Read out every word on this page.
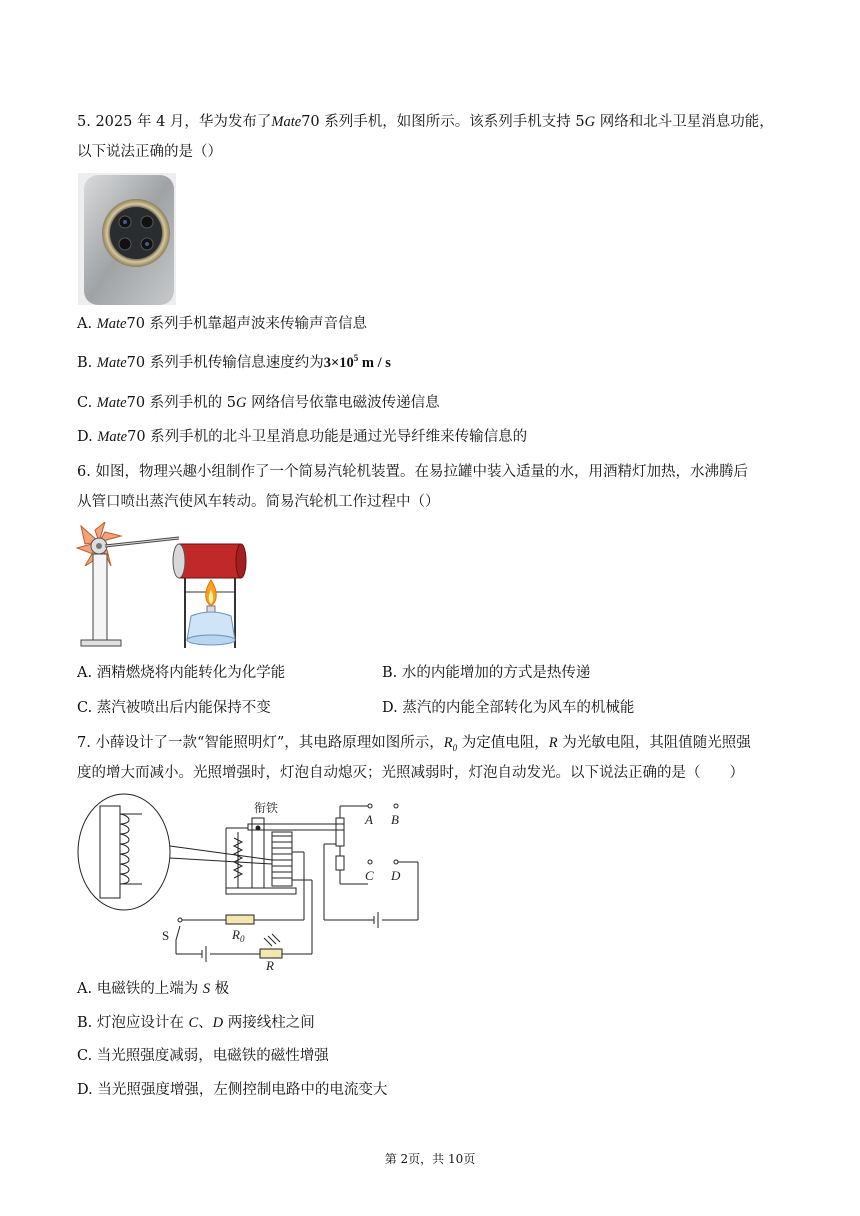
5. 2025 年 4 月，华为发布了Mate70 系列手机，如图所示。该系列手机支持 5G 网络和北斗卫星消息功能，
以下说法正确的是（）
A. Mate70 系列手机靠超声波来传输声音信息
B. Mate70 系列手机传输信息速度约为$3\times 10^5$ m / s
C. Mate70 系列手机的 5G 网络信号依靠电磁波传递信息
D. Mate70 系列手机的北斗卫星消息功能是通过光导纤维来传输信息的
6. 如图，物理兴趣小组制作了一个简易汽轮机装置。在易拉罐中装入适量的水，用酒精灯加热，水沸腾后
从管口喷出蒸汽使风车转动。简易汽轮机工作过程中（）
A. 酒精燃烧将内能转化为化学能	B. 水的内能增加的方式是热传递
C. 蒸汽被喷出后内能保持不变	D. 蒸汽的内能全部转化为风车的机械能
7. 小薛设计了一款“智能照明灯”，其电路原理如图所示，$R_0$ 为定值电阻，R 为光敏电阻，其阻值随光照强
度的增大而减小。光照增强时，灯泡自动熄灭；光照减弱时，灯泡自动发光。以下说法正确的是（　　）
衔铁
A B
C D
S	$R_0$
R
A. 电磁铁的上端为 S 极
B. 灯泡应设计在 C、D 两接线柱之间
C. 当光照强度减弱，电磁铁的磁性增强
D. 当光照强度增强，左侧控制电路中的电流变大
第 2页，共 10页
